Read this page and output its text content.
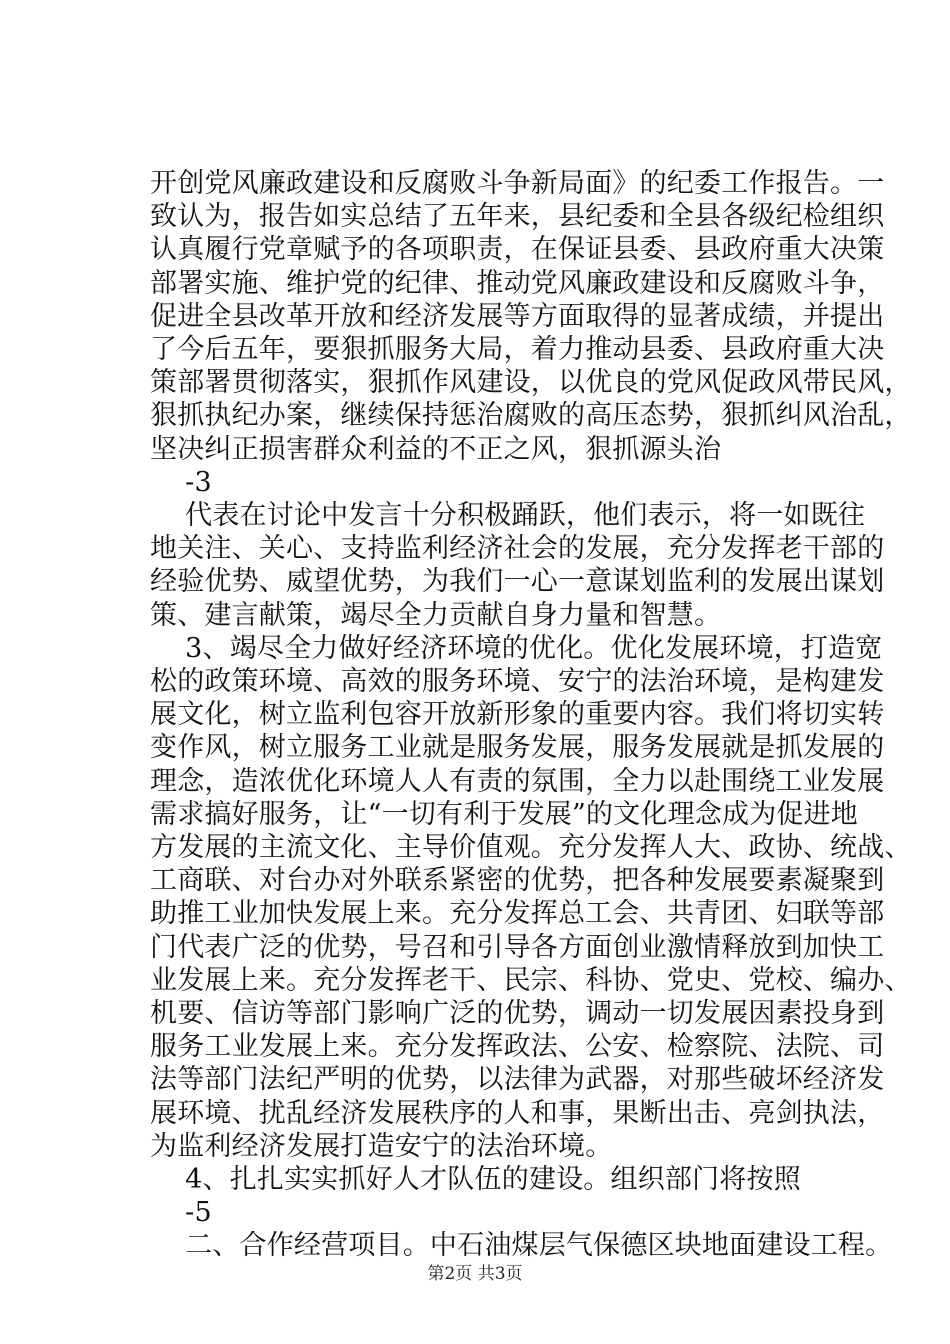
开创党风廉政建设和反腐败斗争新局面》的纪委工作报告。一
致认为，报告如实总结了五年来，县纪委和全县各级纪检组织
认真履行党章赋予的各项职责，在保证县委、县政府重大决策
部署实施、维护党的纪律、推动党风廉政建设和反腐败斗争，
促进全县改革开放和经济发展等方面取得的显著成绩，并提出
了今后五年，要狠抓服务大局，着力推动县委、县政府重大决
策部署贯彻落实，狠抓作风建设，以优良的党风促政风带民风，
狠抓执纪办案，继续保持惩治腐败的高压态势，狠抓纠风治乱，
坚决纠正损害群众利益的不正之风，狠抓源头治
-3
代表在讨论中发言十分积极踊跃，他们表示，将一如既往
地关注、关心、支持监利经济社会的发展，充分发挥老干部的
经验优势、威望优势，为我们一心一意谋划监利的发展出谋划
策、建言献策，竭尽全力贡献自身力量和智慧。
3、竭尽全力做好经济环境的优化。优化发展环境，打造宽
松的政策环境、高效的服务环境、安宁的法治环境，是构建发
展文化，树立监利包容开放新形象的重要内容。我们将切实转
变作风，树立服务工业就是服务发展，服务发展就是抓发展的
理念，造浓优化环境人人有责的氛围，全力以赴围绕工业发展
需求搞好服务，让“一切有利于发展”的文化理念成为促进地
方发展的主流文化、主导价值观。充分发挥人大、政协、统战、
工商联、对台办对外联系紧密的优势，把各种发展要素凝聚到
助推工业加快发展上来。充分发挥总工会、共青团、妇联等部
门代表广泛的优势，号召和引导各方面创业激情释放到加快工
业发展上来。充分发挥老干、民宗、科协、党史、党校、编办、
机要、信访等部门影响广泛的优势，调动一切发展因素投身到
服务工业发展上来。充分发挥政法、公安、检察院、法院、司
法等部门法纪严明的优势，以法律为武器，对那些破坏经济发
展环境、扰乱经济发展秩序的人和事，果断出击、亮剑执法，
为监利经济发展打造安宁的法治环境。
4、扎扎实实抓好人才队伍的建设。组织部门将按照
-5
二、合作经营项目。中石油煤层气保德区块地面建设工程。
第2页 共3页
